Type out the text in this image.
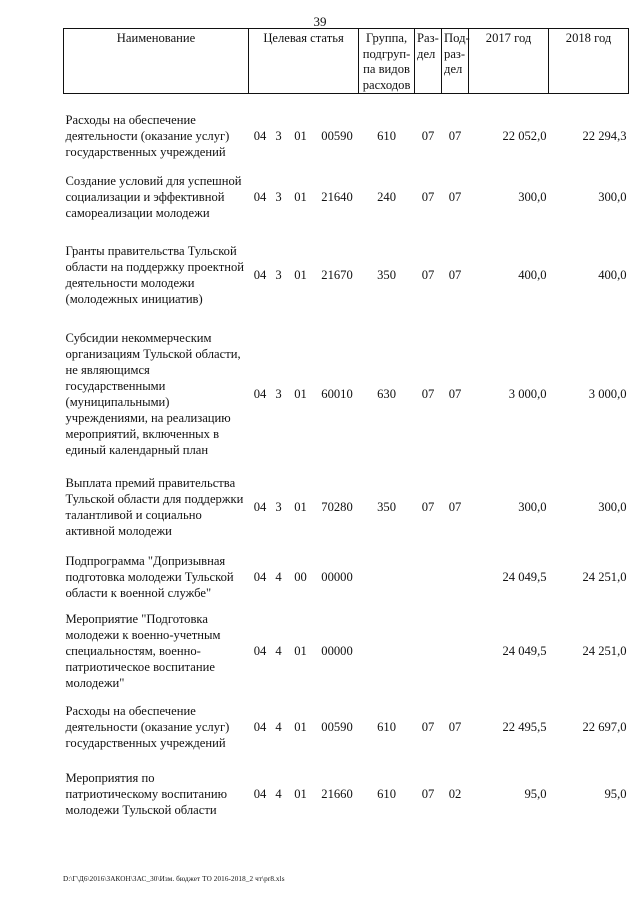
39
Наименование	Целевая статья				Группа, подгруп-па видов расходов	Раз-дел	Под-раз-дел	2017 год	2018 год

Расходы на обеспечение деятельности (оказание услуг) государственных учреждений	04	3	01	00590	610	07	07	22 052,0	22 294,3
Создание условий для успешной социализации и эффективной самореализации молодежи	04	3	01	21640	240	07	07	300,0	300,0
Гранты правительства Тульской области на поддержку проектной деятельности молодежи (молодежных инициатив)	04	3	01	21670	350	07	07	400,0	400,0
Субсидии некоммерческим организациям Тульской области, не являющимся государственными (муниципальными) учреждениями, на реализацию мероприятий, включенных в единый календарный план	04	3	01	60010	630	07	07	3 000,0	3 000,0
Выплата премий правительства Тульской области для поддержки талантливой и социально активной молодежи	04	3	01	70280	350	07	07	300,0	300,0
Подпрограмма "Допризывная подготовка молодежи Тульской области к военной службе"	04	4	00	00000				24 049,5	24 251,0
Мероприятие "Подготовка молодежи к военно-учетным специальностям, военно-патриотическое воспитание молодежи"	04	4	01	00000				24 049,5	24 251,0
Расходы на обеспечение деятельности (оказание услуг) государственных учреждений	04	4	01	00590	610	07	07	22 495,5	22 697,0
Мероприятия по патриотическому воспитанию молодежи Тульской области	04	4	01	21660	610	07	02	95,0	95,0
D:\Г\Д6\2016\ЗАКОН\ЗАС_30\Изм. бюджет ТО 2016-2018_2 чт\pr8.xls
